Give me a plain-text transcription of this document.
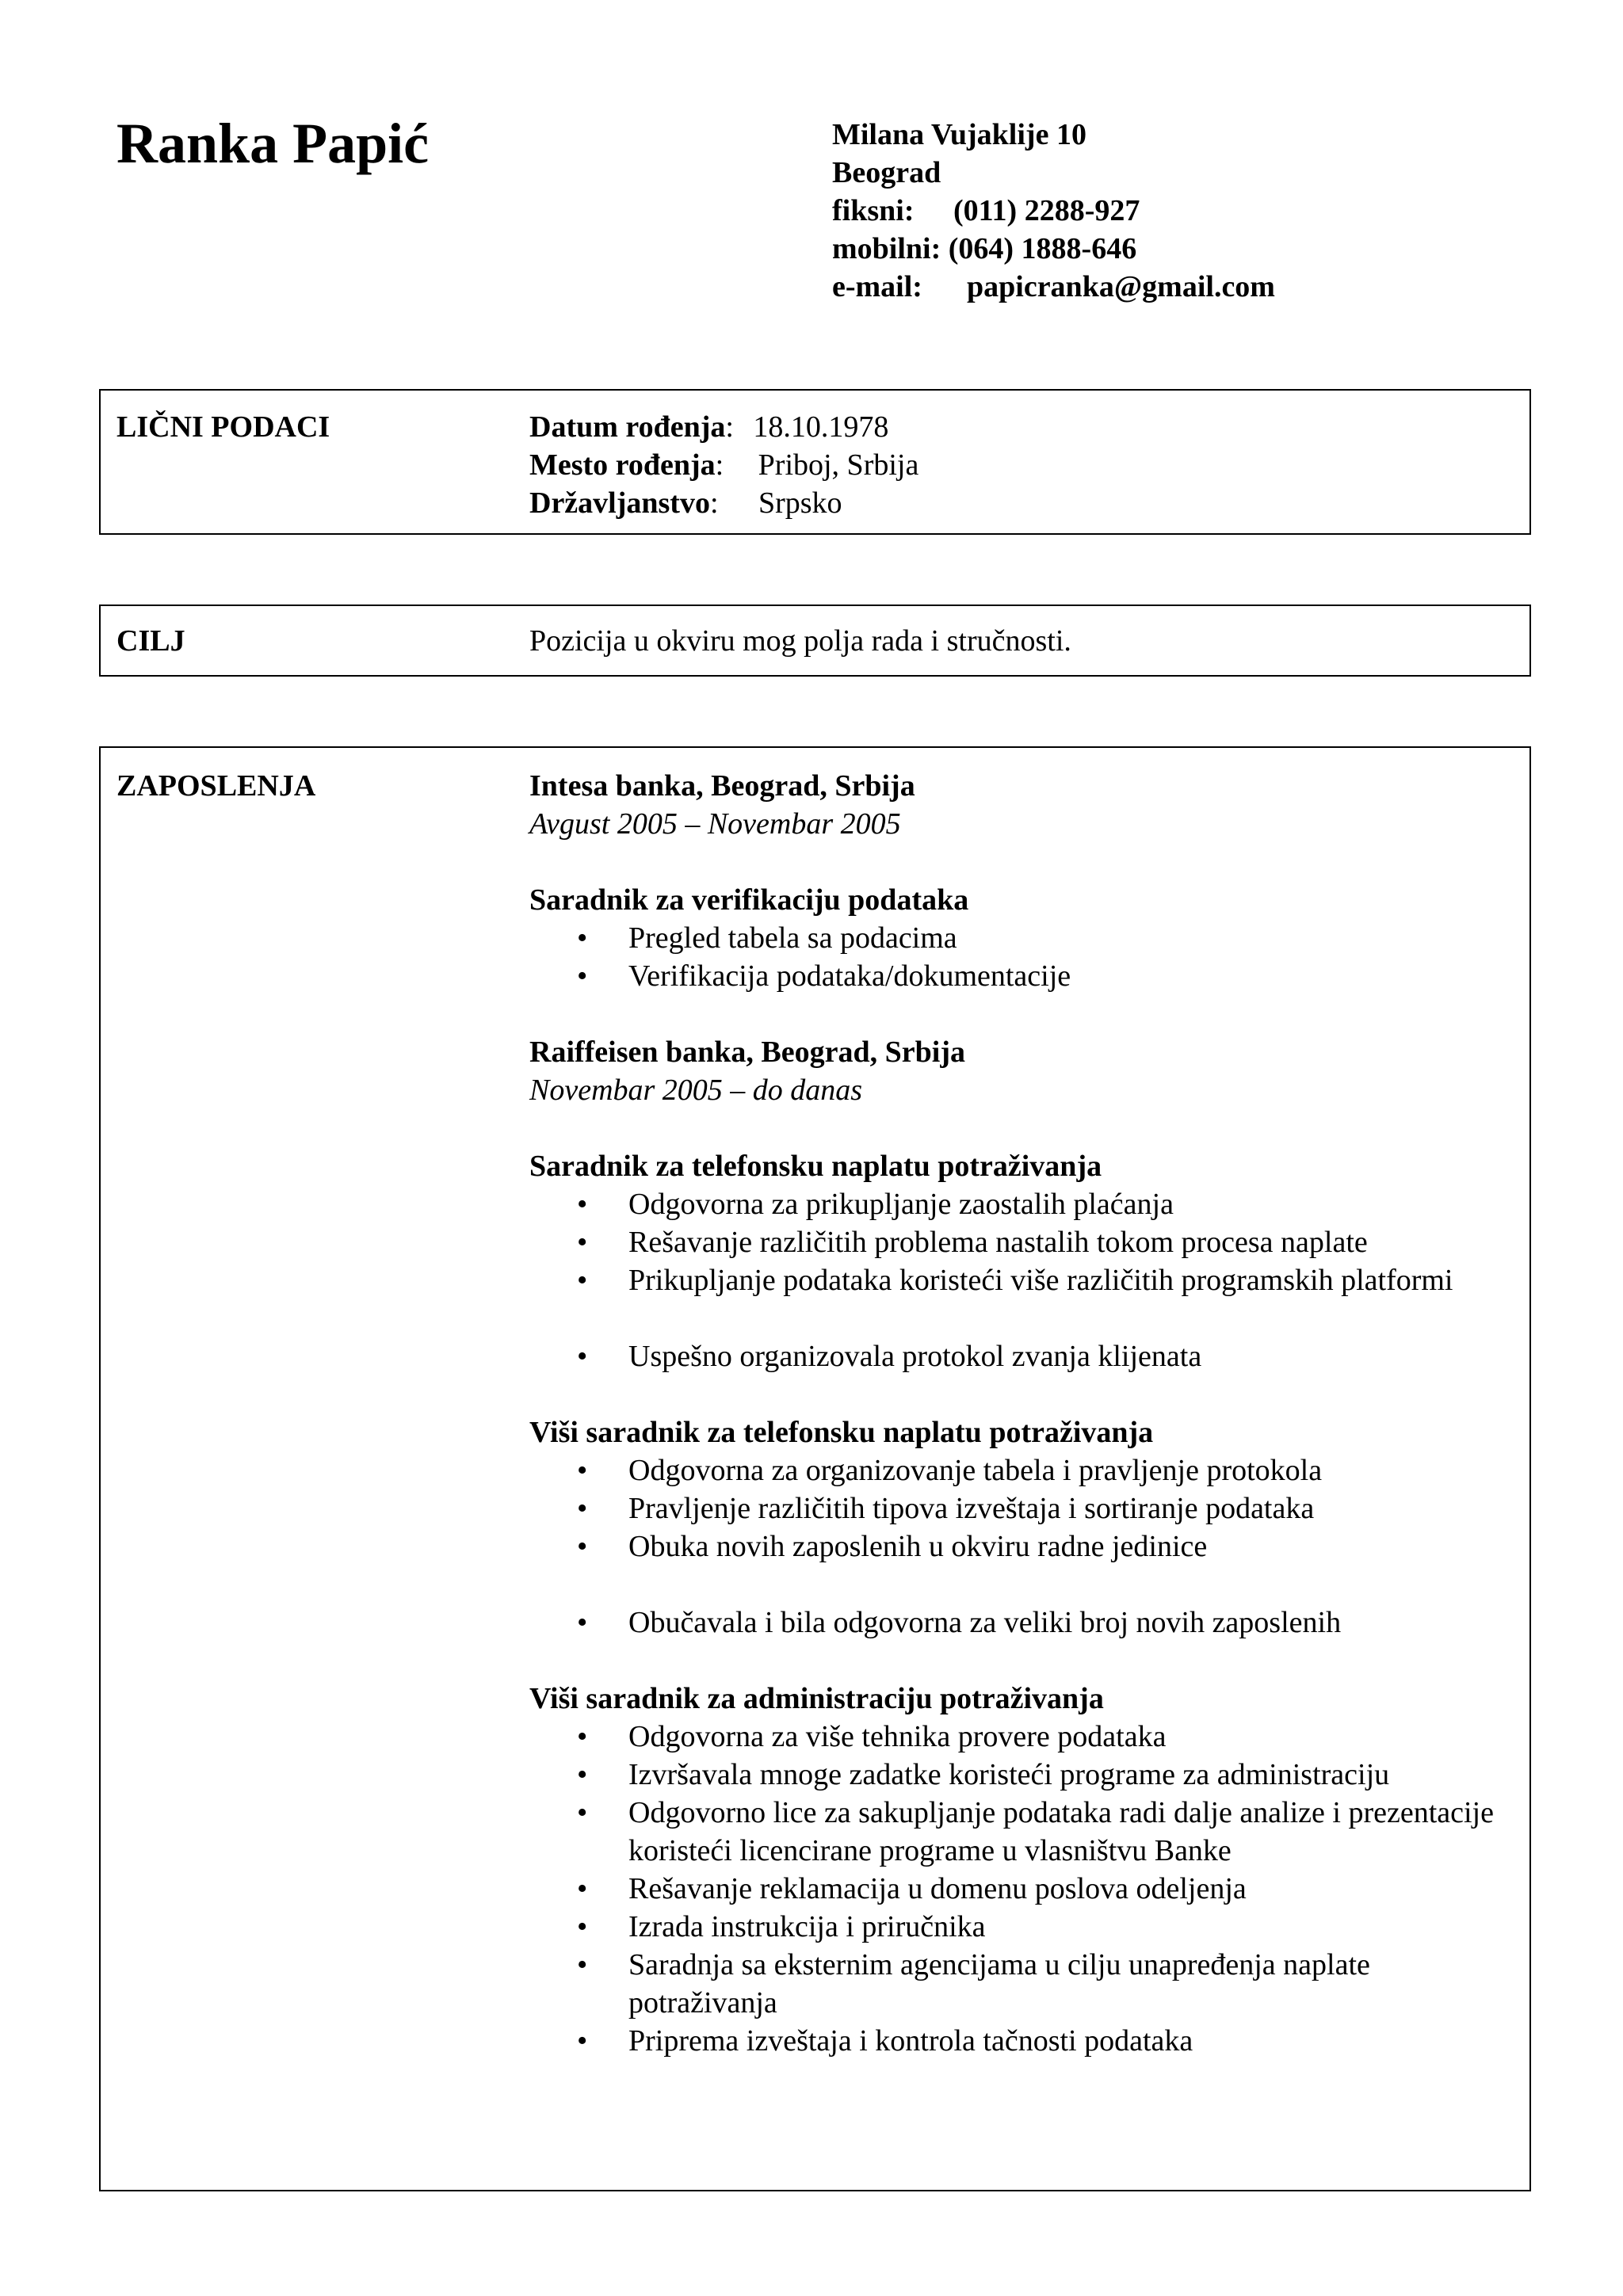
Ranka Papić	Milana Vujaklije 10
Beograd
fiksni: (011) 2288-927
mobilni: (064) 1888-646
e-mail: papicranka@gmail.com
LIČNI PODACI	Datum rođenja : 18.10.1978
Mesto rođenja :	Priboj, Srbija
Državljanstvo :	Srpsko
CILJ	Pozicija u okviru mog polja rada i stručnosti.
ZAPOSLENJA	Intesa banka, Beograd, Srbija
Avgust 2005 – Novembar 2005
Saradnik za verifikaciju podataka
• Pregled tabela sa podacima
• Verifikacija podataka/dokumentacije
Raiffeisen banka, Beograd, Srbija
Novembar 2005 – do danas
Saradnik za telefonsku naplatu potraživanja
• Odgovorna za prikupljanje zaostalih plaćanja
• Rešavanje različitih problema nastalih tokom procesa naplate
• Prikupljanje podataka koristeći više različitih programskih platformi
• Uspešno organizovala protokol zvanja klijenata
Viši saradnik za telefonsku naplatu potraživanja
• Odgovorna za organizovanje tabela i pravljenje protokola
• Pravljenje različitih tipova izveštaja i sortiranje podataka
• Obuka novih zaposlenih u okviru radne jedinice
• Obučavala i bila odgovorna za veliki broj novih zaposlenih
Viši saradnik za administraciju potraživanja
• Odgovorna za više tehnika provere podataka
• Izvršavala mnoge zadatke koristeći programe za administraciju
• Odgovorno lice za sakupljanje podataka radi dalje analize i prezentacije koristeći licencirane programe u vlasništvu Banke
• Rešavanje reklamacija u domenu poslova odeljenja
• Izrada instrukcija i priručnika
• Saradnja sa eksternim agencijama u cilju unapređenja naplate potraživanja
• Priprema izveštaja i kontrola tačnosti podataka
